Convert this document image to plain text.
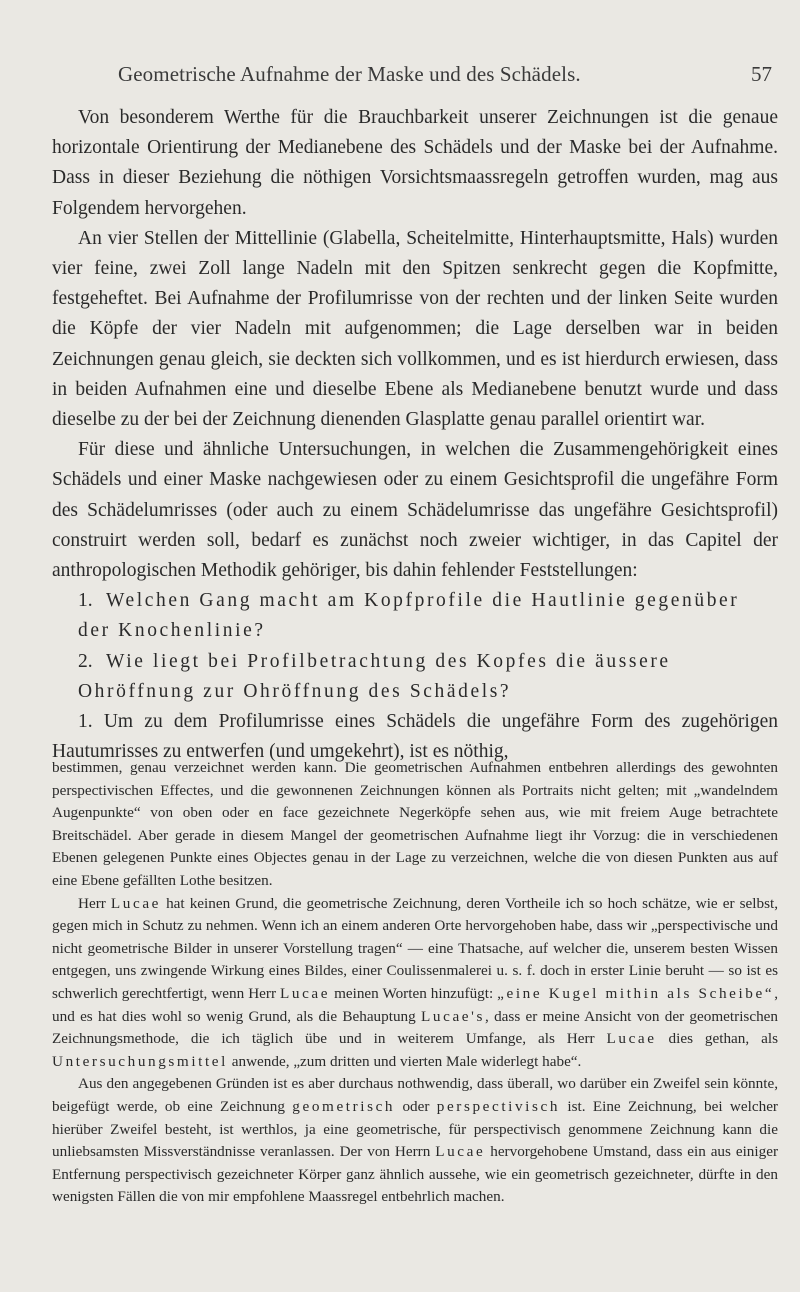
Geometrische Aufnahme der Maske und des Schädels.	57

Von besonderem Werthe für die Brauchbarkeit unserer Zeichnungen ist die genaue horizontale Orientirung der Medianebene des Schädels und der Maske bei der Aufnahme. Dass in dieser Beziehung die nöthigen Vorsichtsmaassregeln getroffen wurden, mag aus Folgendem hervorgehen.

An vier Stellen der Mittellinie (Glabella, Scheitelmitte, Hinterhauptsmitte, Hals) wurden vier feine, zwei Zoll lange Nadeln mit den Spitzen senkrecht gegen die Kopfmitte, festgeheftet. Bei Aufnahme der Profilumrisse von der rechten und der linken Seite wurden die Köpfe der vier Nadeln mit aufgenommen; die Lage derselben war in beiden Zeichnungen genau gleich, sie deckten sich vollkommen, und es ist hierdurch erwiesen, dass in beiden Aufnahmen eine und dieselbe Ebene als Medianebene benutzt wurde und dass dieselbe zu der bei der Zeichnung dienenden Glasplatte genau parallel orientirt war.

Für diese und ähnliche Untersuchungen, in welchen die Zusammengehörigkeit eines Schädels und einer Maske nachgewiesen oder zu einem Gesichtsprofil die ungefähre Form des Schädelumrisses (oder auch zu einem Schädelumrisse das ungefähre Gesichtsprofil) construirt werden soll, bedarf es zunächst noch zweier wichtiger, in das Capitel der anthropologischen Methodik gehöriger, bis dahin fehlender Feststellungen:

1. Welchen Gang macht am Kopfprofile die Hautlinie gegenüber der Knochenlinie?
2. Wie liegt bei Profilbetrachtung des Kopfes die äussere Ohröffnung zur Ohröffnung des Schädels?

1. Um zu dem Profilumrisse eines Schädels die ungefähre Form des zugehörigen Hautumrisses zu entwerfen (und umgekehrt), ist es nöthig,

bestimmen, genau verzeichnet werden kann. Die geometrischen Aufnahmen entbehren allerdings des gewohnten perspectivischen Effectes, und die gewonnenen Zeichnungen können als Portraits nicht gelten; mit „wandelndem Augenpunkte“ von oben oder en face gezeichnete Negerköpfe sehen aus, wie mit freiem Auge betrachtete Breitschädel. Aber gerade in diesem Mangel der geometrischen Aufnahme liegt ihr Vorzug: die in verschiedenen Ebenen gelegenen Punkte eines Objectes genau in der Lage zu verzeichnen, welche die von diesen Punkten aus auf eine Ebene gefällten Lothe besitzen.

Herr Lucae hat keinen Grund, die geometrische Zeichnung, deren Vortheile ich so hoch schätze, wie er selbst, gegen mich in Schutz zu nehmen. Wenn ich an einem anderen Orte hervorgehoben habe, dass wir „perspectivische und nicht geometrische Bilder in unserer Vorstellung tragen“ — eine Thatsache, auf welcher die, unserem besten Wissen entgegen, uns zwingende Wirkung eines Bildes, einer Coulissenmalerei u. s. f. doch in erster Linie beruht — so ist es schwerlich gerechtfertigt, wenn Herr Lucae meinen Worten hinzufügt: „eine Kugel mithin als Scheibe“, und es hat dies wohl so wenig Grund, als die Behauptung Lucae's, dass er meine Ansicht von der geometrischen Zeichnungsmethode, die ich täglich übe und in weiterem Umfange, als Herr Lucae dies gethan, als Untersuchungsmittel anwende, „zum dritten und vierten Male widerlegt habe“.

Aus den angegebenen Gründen ist es aber durchaus nothwendig, dass überall, wo darüber ein Zweifel sein könnte, beigefügt werde, ob eine Zeichnung geometrisch oder perspectivisch ist. Eine Zeichnung, bei welcher hierüber Zweifel besteht, ist werthlos, ja eine geometrische, für perspectivisch genommene Zeichnung kann die unliebsamsten Missverständnisse veranlassen. Der von Herrn Lucae hervorgehobene Umstand, dass ein aus einiger Entfernung perspectivisch gezeichneter Körper ganz ähnlich aussehe, wie ein geometrisch gezeichneter, dürfte in den wenigsten Fällen die von mir empfohlene Maassregel entbehrlich machen.
